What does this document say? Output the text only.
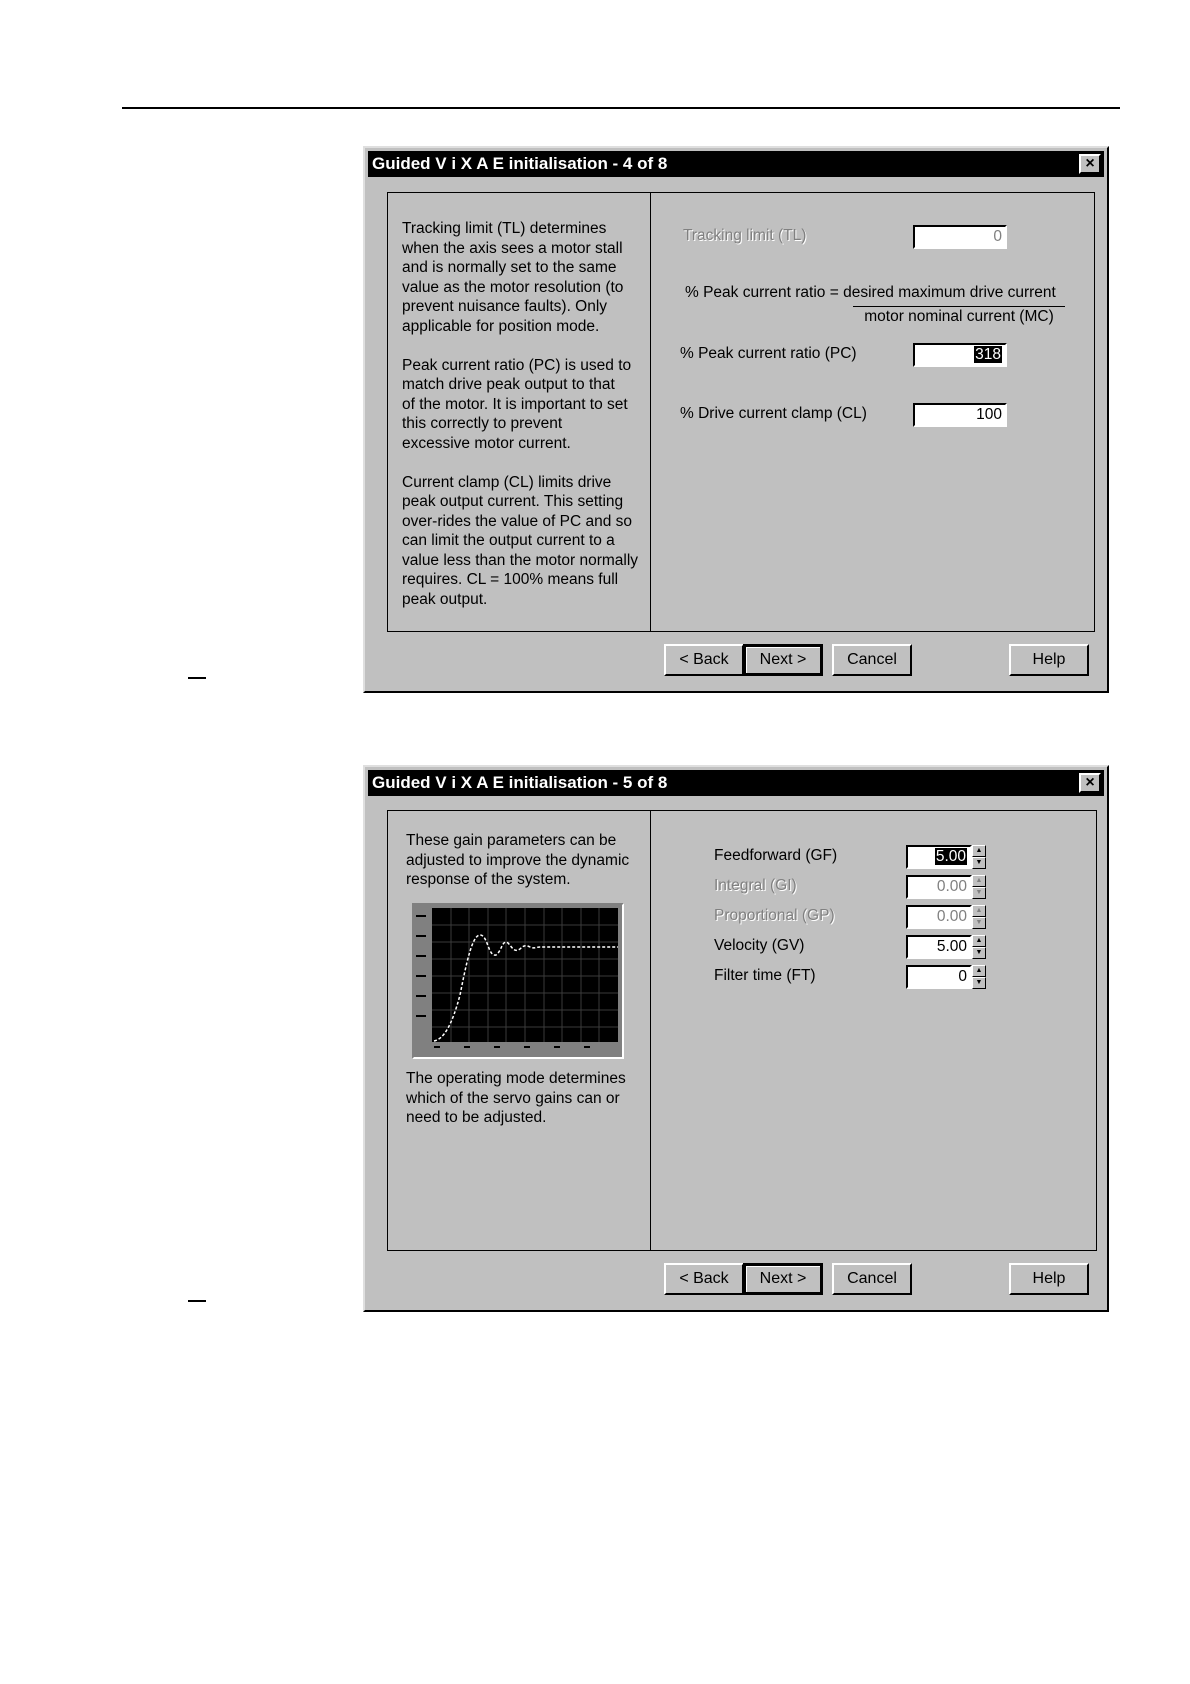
Guided V i X A E initialisation - 4 of 8	×
Tracking limit (TL) determines
when the axis sees a motor stall
and is normally set to the same
value as the motor resolution (to
prevent nuisance faults). Only
applicable for position mode.

Peak current ratio (PC) is used to
match drive peak output to that
of the motor. It is important to set
this correctly to prevent
excessive motor current.

Current clamp (CL) limits drive
peak output current. This setting
over-rides the value of PC and so
can limit the output current to a
value less than the motor normally
requires. CL = 100% means full
peak output.
Tracking limit (TL)	0
% Peak current ratio = desired maximum drive current
motor nominal current (MC)
% Peak current ratio (PC)	318
% Drive current clamp (CL)	100
< Back	Next >	Cancel	Help
Guided V i X A E initialisation - 5 of 8	×
These gain parameters can be
adjusted to improve the dynamic
response of the system.
The operating mode determines
which of the servo gains can or
need to be adjusted.
Feedforward (GF)	5.00	▲
▼
Integral (GI)	0.00	▲
▼
Proportional (GP)	0.00	▲
▼
Velocity (GV)	5.00	▲
▼
Filter time (FT)	0	▲
▼
< Back	Next >	Cancel	Help
